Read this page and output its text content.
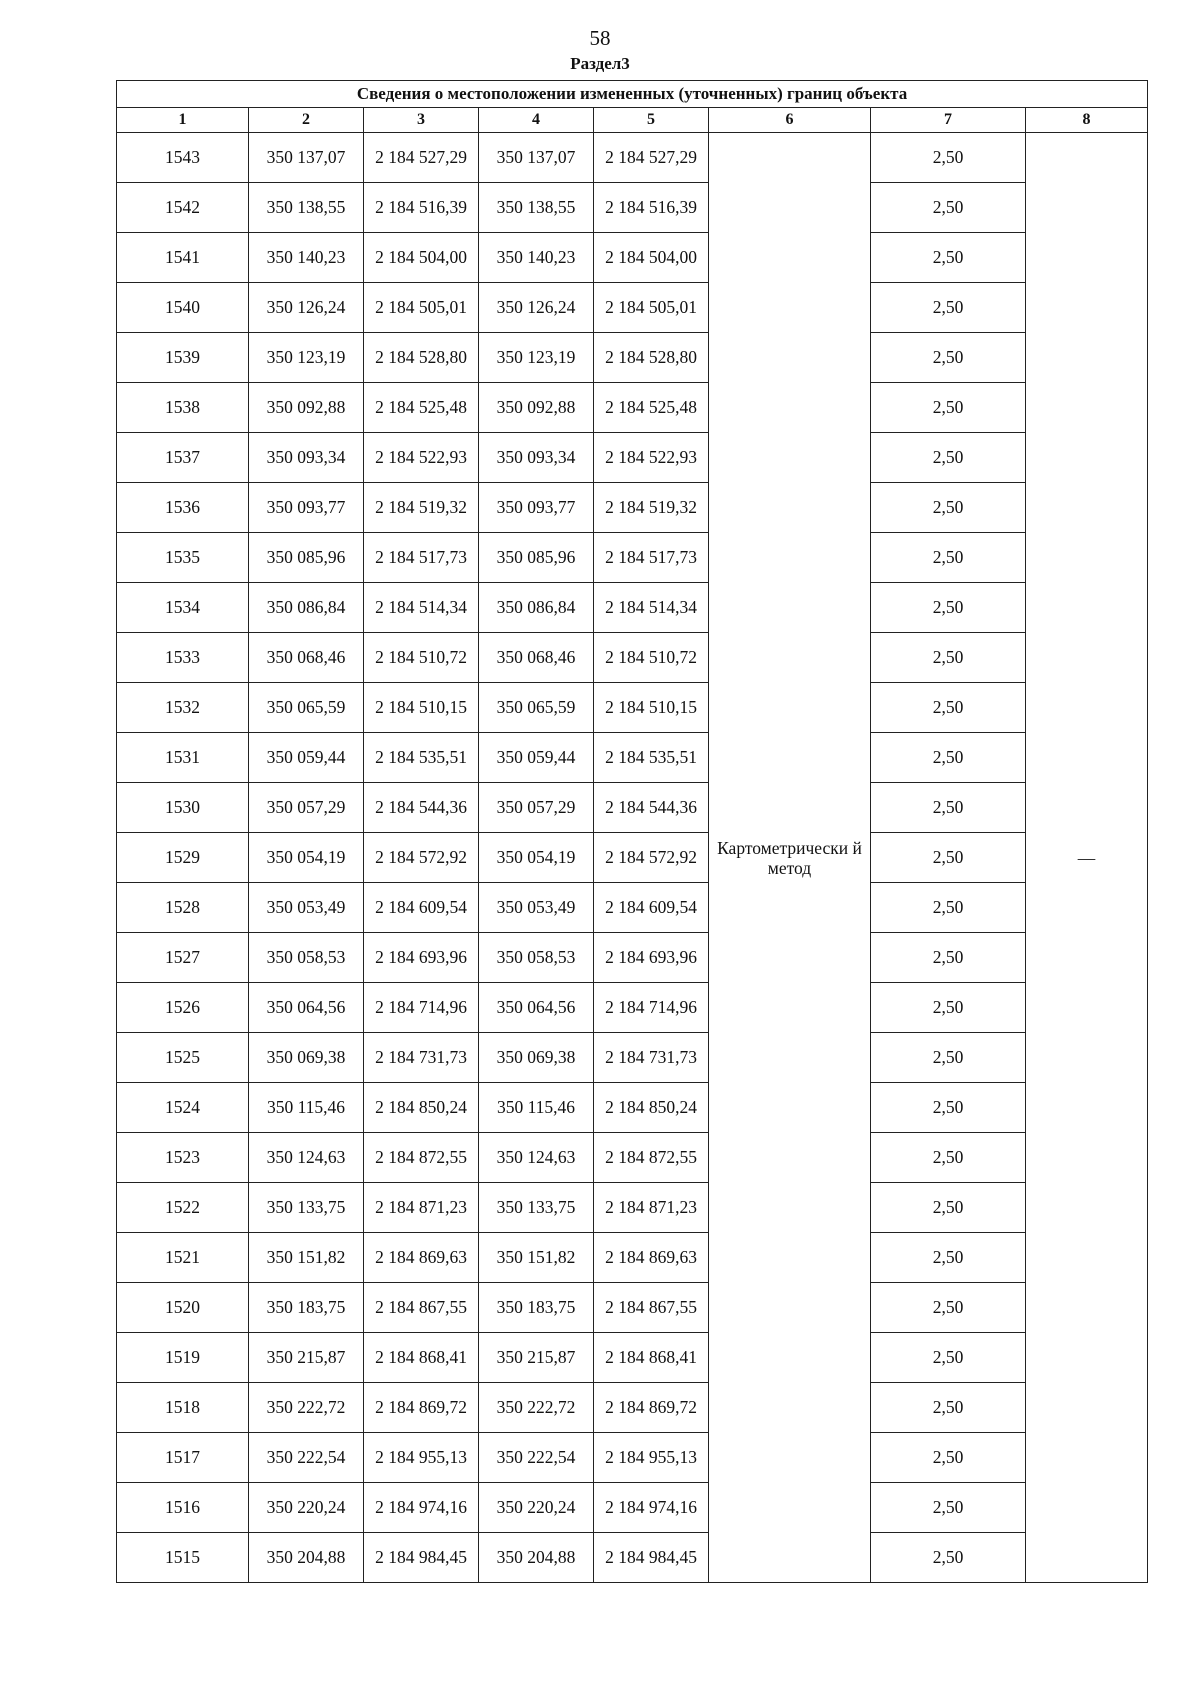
58
Раздел3
Сведения о местоположении измененных (уточненных) границ объекта							
1	2	3	4	5	6	7	8
1543	350 137,07	2 184 527,29	350 137,07	2 184 527,29	Картометрически й метод	2,50	—
1542	350 138,55	2 184 516,39	350 138,55	2 184 516,39		2,50	
1541	350 140,23	2 184 504,00	350 140,23	2 184 504,00		2,50	
1540	350 126,24	2 184 505,01	350 126,24	2 184 505,01		2,50	
1539	350 123,19	2 184 528,80	350 123,19	2 184 528,80		2,50	
1538	350 092,88	2 184 525,48	350 092,88	2 184 525,48		2,50	
1537	350 093,34	2 184 522,93	350 093,34	2 184 522,93		2,50	
1536	350 093,77	2 184 519,32	350 093,77	2 184 519,32		2,50	
1535	350 085,96	2 184 517,73	350 085,96	2 184 517,73		2,50	
1534	350 086,84	2 184 514,34	350 086,84	2 184 514,34		2,50	
1533	350 068,46	2 184 510,72	350 068,46	2 184 510,72		2,50	
1532	350 065,59	2 184 510,15	350 065,59	2 184 510,15		2,50	
1531	350 059,44	2 184 535,51	350 059,44	2 184 535,51		2,50	
1530	350 057,29	2 184 544,36	350 057,29	2 184 544,36		2,50	
1529	350 054,19	2 184 572,92	350 054,19	2 184 572,92		2,50	
1528	350 053,49	2 184 609,54	350 053,49	2 184 609,54		2,50	
1527	350 058,53	2 184 693,96	350 058,53	2 184 693,96		2,50	
1526	350 064,56	2 184 714,96	350 064,56	2 184 714,96		2,50	
1525	350 069,38	2 184 731,73	350 069,38	2 184 731,73		2,50	
1524	350 115,46	2 184 850,24	350 115,46	2 184 850,24		2,50	
1523	350 124,63	2 184 872,55	350 124,63	2 184 872,55		2,50	
1522	350 133,75	2 184 871,23	350 133,75	2 184 871,23		2,50	
1521	350 151,82	2 184 869,63	350 151,82	2 184 869,63		2,50	
1520	350 183,75	2 184 867,55	350 183,75	2 184 867,55		2,50	
1519	350 215,87	2 184 868,41	350 215,87	2 184 868,41		2,50	
1518	350 222,72	2 184 869,72	350 222,72	2 184 869,72		2,50	
1517	350 222,54	2 184 955,13	350 222,54	2 184 955,13		2,50	
1516	350 220,24	2 184 974,16	350 220,24	2 184 974,16		2,50	
1515	350 204,88	2 184 984,45	350 204,88	2 184 984,45		2,50	
